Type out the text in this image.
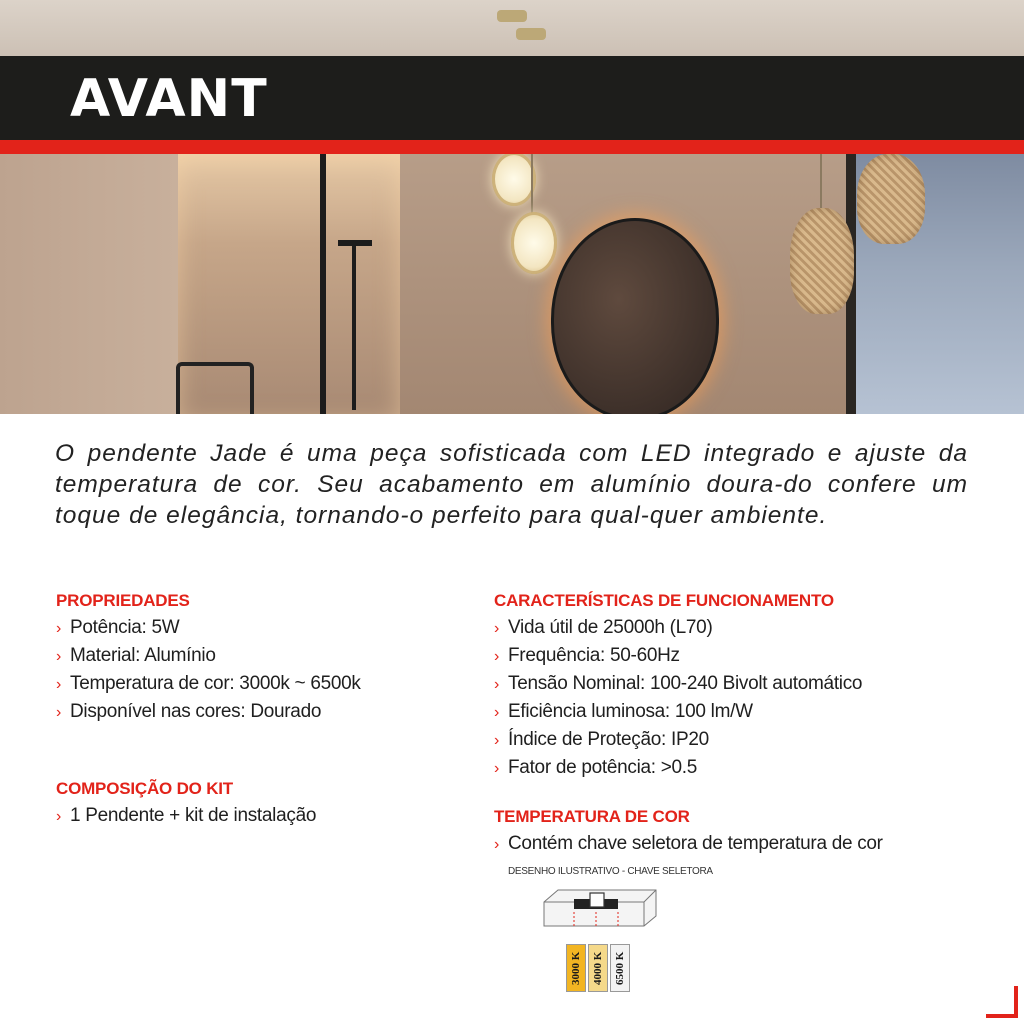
AVANT
O pendente Jade é uma peça sofisticada com LED integrado e ajuste da temperatura de cor. Seu acabamento em alumínio doura-do confere um toque de elegância, tornando-o perfeito para qual-quer ambiente.
PROPRIEDADES
› Potência: 5W
› Material: Alumínio
› Temperatura de cor: 3000k ~ 6500k
› Disponível nas cores: Dourado
COMPOSIÇÃO DO KIT
› 1 Pendente + kit de instalação
CARACTERÍSTICAS DE FUNCIONAMENTO
› Vida útil de 25000h (L70)
› Frequência: 50-60Hz
› Tensão Nominal: 100-240 Bivolt automático
› Eficiência luminosa: 100 lm/W
› Índice de Proteção: IP20
› Fator de potência: >0.5
TEMPERATURA DE COR
› Contém chave seletora de temperatura de cor
DESENHO ILUSTRATIVO - CHAVE SELETORA
3000 K 4000 K 6500 K
